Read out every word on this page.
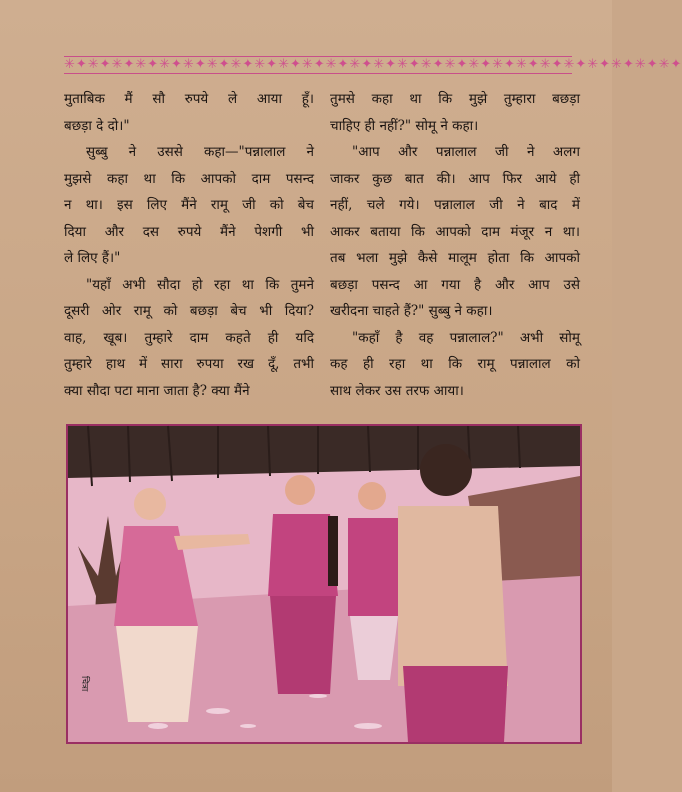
✳✦✳✦✳✦✳✦✳✦✳✦✳✦✳✦✳✦✳✦✳✦✳✦✳✦✳✦✳✦✳✦✳✦✳✦✳✦✳✦✳✦✳✦✳✦✳✦✳✦✳✦

मुताबिक मैं सौ रुपये ले आया हूँ।

बछड़ा दे दो।"

सुब्बु ने उससे कहा—"पन्नालाल ने

मुझसे कहा था कि आपको दाम पसन्द

न था। इस लिए मैंने रामू जी को बेच

दिया और दस रुपये मैंने पेशगी भी

ले लिए हैं।"

"यहाँ अभी सौदा हो रहा था कि तुमने

दूसरी ओर रामू को बछड़ा बेच भी दिया?

वाह, खूब। तुम्हारे दाम कहते ही यदि

तुम्हारे हाथ में सारा रुपया रख दूँ, तभी

क्या सौदा पटा माना जाता है? क्या मैंने

तुमसे कहा था कि मुझे तुम्हारा बछड़ा

चाहिए ही नहीं?" सोमू ने कहा।

"आप और पन्नालाल जी ने अलग

जाकर कुछ बात की। आप फिर आये ही

नहीं, चले गये। पन्नालाल जी ने बाद में

आकर बताया कि आपको दाम मंजूर न था।

तब भला मुझे कैसे मालूम होता कि आपको

बछड़ा पसन्द आ गया है और आप उसे

खरीदना चाहते हैं?" सुब्बु ने कहा।

"कहाँ है वह पन्नालाल?" अभी सोमू

कह ही रहा था कि रामू पन्नालाल को

साथ लेकर उस तरफ आया।

चित्रा
